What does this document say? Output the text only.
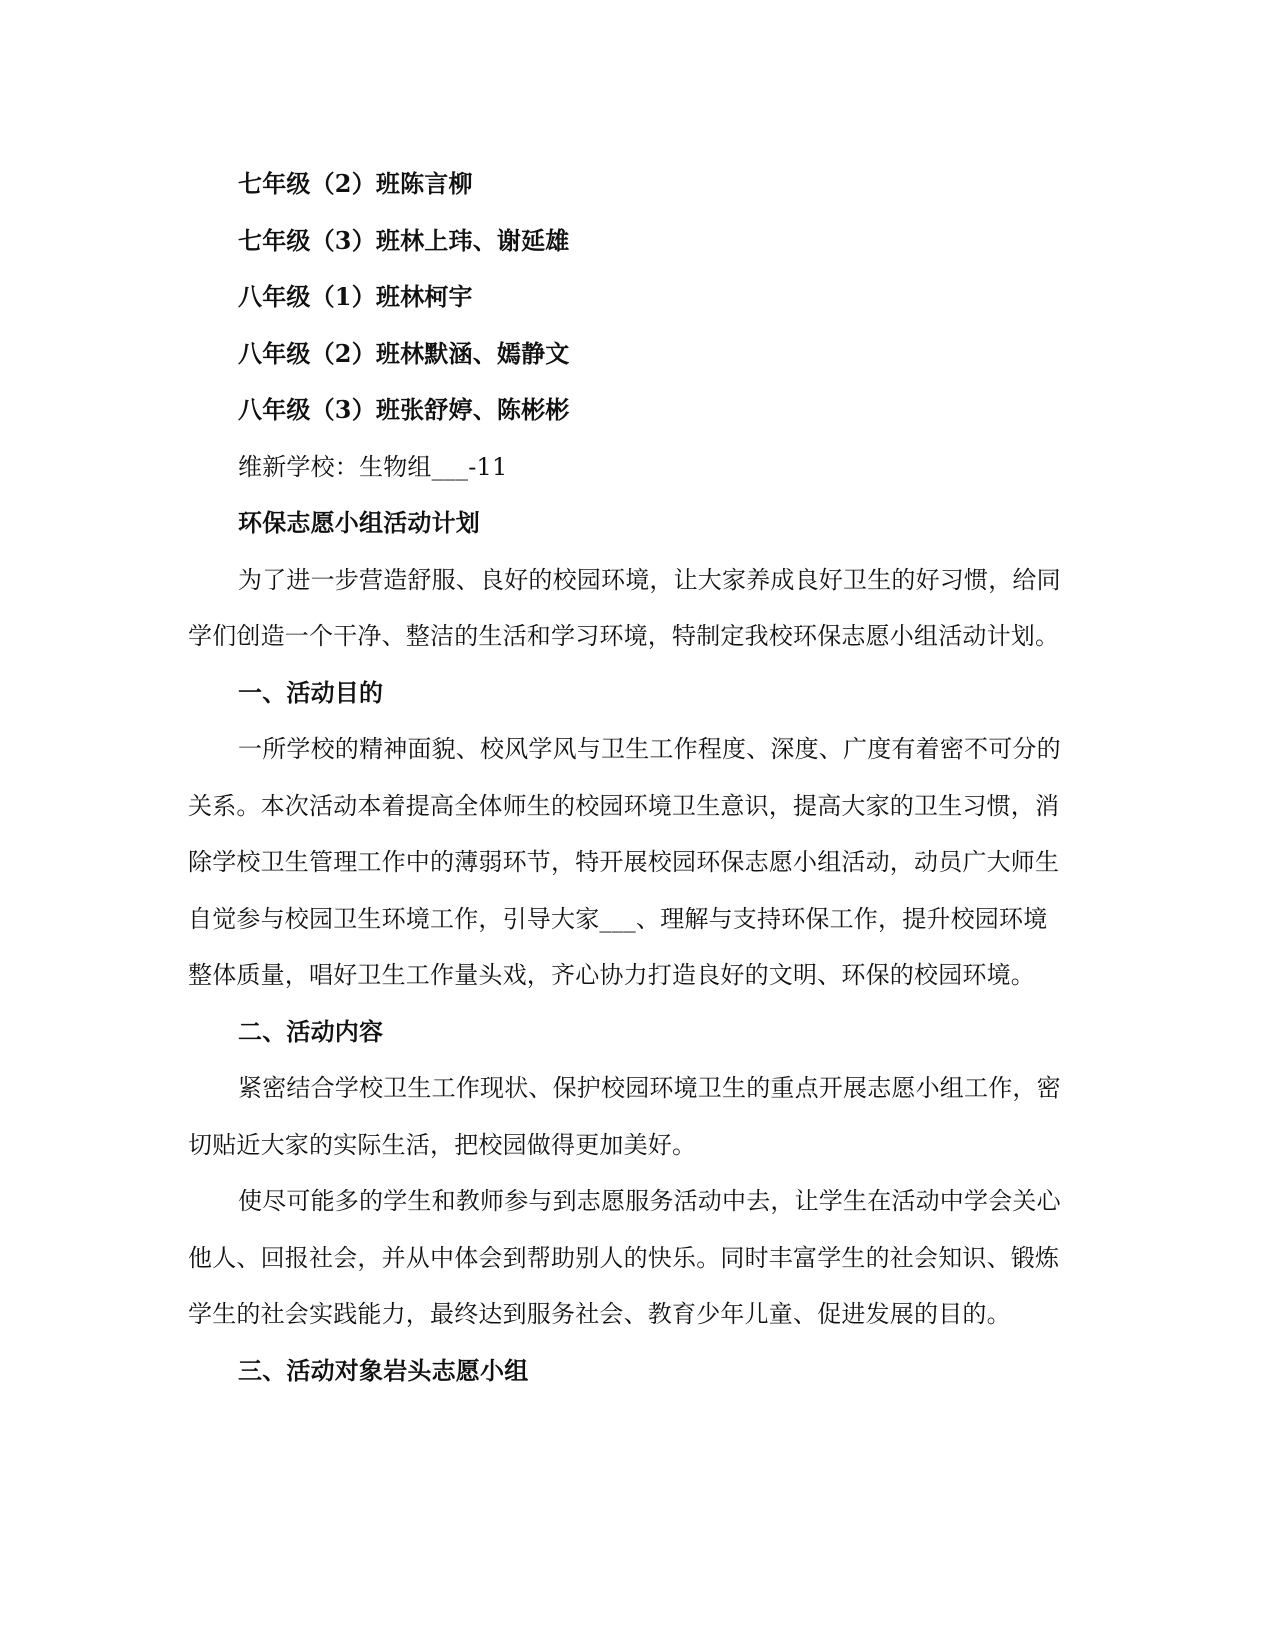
七年级（2）班陈言柳
七年级（3）班林上玮、谢延雄
八年级（1）班林柯宇
八年级（2）班林默涵、嫣静文
八年级（3）班张舒婷、陈彬彬
维新学校：生物组___-11
环保志愿小组活动计划
为了进一步营造舒服、良好的校园环境，让大家养成良好卫生的好习惯，给同
学们创造一个干净、整洁的生活和学习环境，特制定我校环保志愿小组活动计划。
一、活动目的
一所学校的精神面貌、校风学风与卫生工作程度、深度、广度有着密不可分的
关系。本次活动本着提高全体师生的校园环境卫生意识，提高大家的卫生习惯，消
除学校卫生管理工作中的薄弱环节，特开展校园环保志愿小组活动，动员广大师生
自觉参与校园卫生环境工作，引导大家___、理解与支持环保工作，提升校园环境
整体质量，唱好卫生工作量头戏，齐心协力打造良好的文明、环保的校园环境。
二、活动内容
紧密结合学校卫生工作现状、保护校园环境卫生的重点开展志愿小组工作，密
切贴近大家的实际生活，把校园做得更加美好。
使尽可能多的学生和教师参与到志愿服务活动中去，让学生在活动中学会关心
他人、回报社会，并从中体会到帮助别人的快乐。同时丰富学生的社会知识、锻炼
学生的社会实践能力，最终达到服务社会、教育少年儿童、促进发展的目的。
三、活动对象岩头志愿小组
